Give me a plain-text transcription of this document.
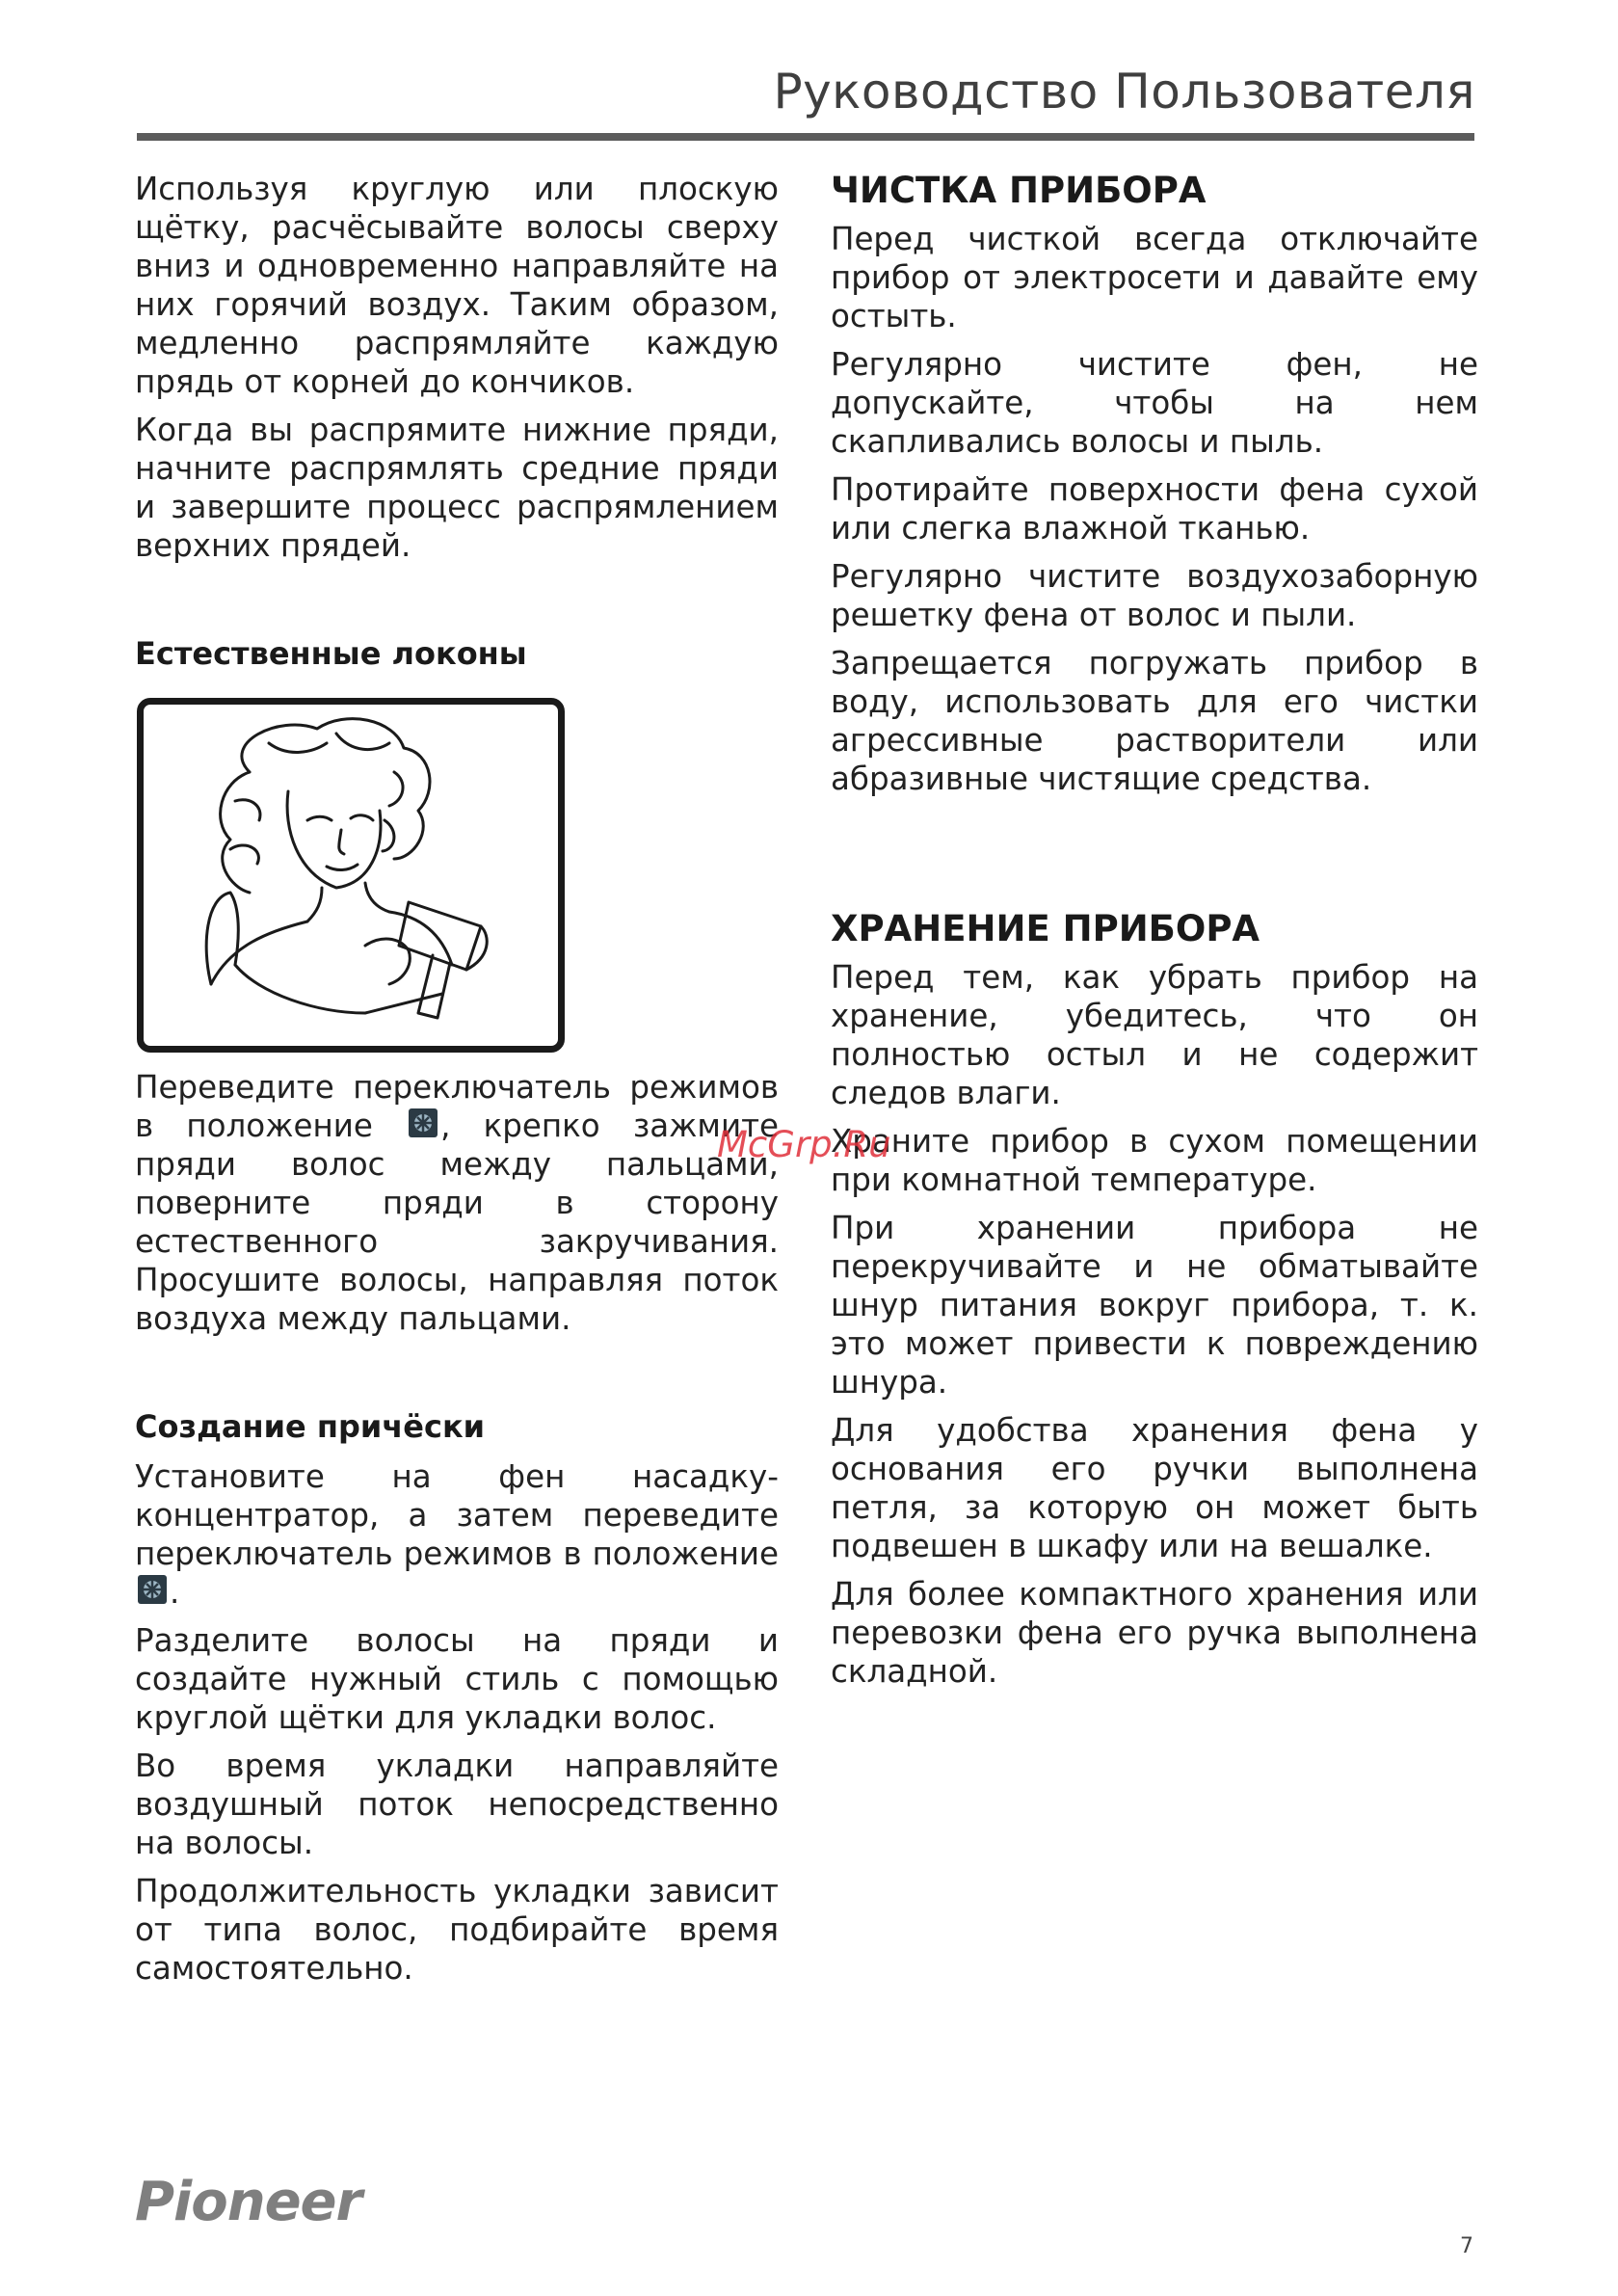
Руководство Пользователя

Используя круглую или плоскую щётку, расчёсывайте волосы сверху вниз и одновременно направляйте на них горячий воздух. Таким образом, медленно распрямляйте каждую прядь от корней до кончиков.

Когда вы распрямите нижние пряди, начните распрямлять средние пряди и завершите процесс распрямлением верхних прядей.

Естественные локоны

Переведите переключатель режимов в положение , крепко зажмите пряди волос между пальцами, поверните пряди в сторону естественного закручивания. Просушите волосы, направляя поток воздуха между пальцами.

Создание причёски

Установите на фен насадку-концентратор, а затем переведите переключатель режимов в положение .

Разделите волосы на пряди и создайте нужный стиль с помощью круглой щётки для укладки волос.

Во время укладки направляйте воздушный поток непосредственно на волосы.

Продолжительность укладки зависит от типа волос, подбирайте время самостоятельно.

ЧИСТКА ПРИБОРА

Перед чисткой всегда отключайте прибор от электросети и давайте ему остыть.

Регулярно чистите фен, не допускайте, чтобы на нем скапливались волосы и пыль.

Протирайте поверхности фена сухой или слегка влажной тканью.

Регулярно чистите воздухозаборную решетку фена от волос и пыли.

Запрещается погружать прибор в воду, использовать для его чистки агрессивные растворители или абразивные чистящие средства.

ХРАНЕНИЕ ПРИБОРА

Перед тем, как убрать прибор на хранение, убедитесь, что он полностью остыл и не содержит следов влаги.

Храните прибор в сухом помещении при комнатной температуре.

При хранении прибора не перекручивайте и не обматывайте шнур питания вокруг прибора, т. к. это может привести к повреждению шнура.

Для удобства хранения фена у основания его ручки выполнена петля, за которую он может быть подвешен в шкафу или на вешалке.

Для более компактного хранения или перевозки фена его ручка выполнена складной.

McGrp.Ru
Pioneer
7
